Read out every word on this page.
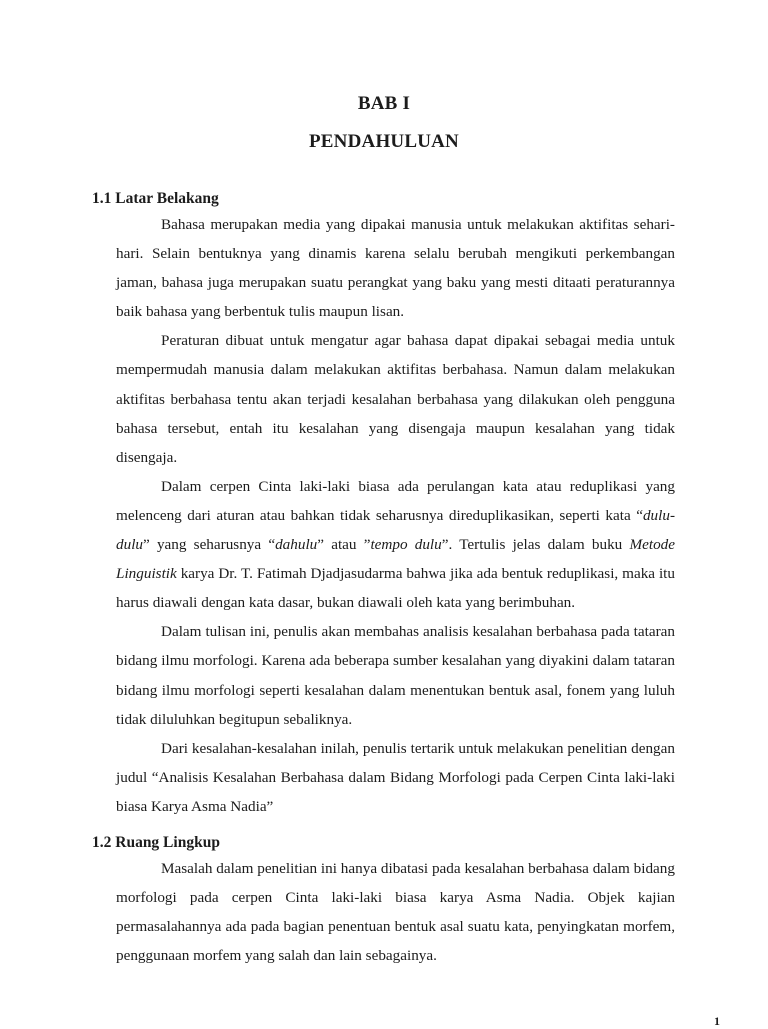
BAB I
PENDAHULUAN
1.1 Latar Belakang

Bahasa merupakan media yang dipakai manusia untuk melakukan aktifitas sehari-hari. Selain bentuknya yang dinamis karena selalu berubah mengikuti perkembangan jaman, bahasa juga merupakan suatu perangkat yang baku yang mesti ditaati peraturannya baik bahasa yang berbentuk tulis maupun lisan.

Peraturan dibuat untuk mengatur agar bahasa dapat dipakai sebagai media untuk mempermudah manusia dalam melakukan aktifitas berbahasa. Namun dalam melakukan aktifitas berbahasa tentu akan terjadi kesalahan berbahasa yang dilakukan oleh pengguna bahasa tersebut, entah itu kesalahan yang disengaja maupun kesalahan yang tidak disengaja.

Dalam cerpen Cinta laki-laki biasa ada perulangan kata atau reduplikasi yang melenceng dari aturan atau bahkan tidak seharusnya direduplikasikan, seperti kata “dulu-dulu” yang seharusnya “dahulu” atau ”tempo dulu”. Tertulis jelas dalam buku Metode Linguistik karya Dr. T. Fatimah Djadjasudarma bahwa jika ada bentuk reduplikasi, maka itu harus diawali dengan kata dasar, bukan diawali oleh kata yang berimbuhan.

Dalam tulisan ini, penulis akan membahas analisis kesalahan berbahasa pada tataran bidang ilmu morfologi. Karena ada beberapa sumber kesalahan yang diyakini dalam tataran bidang ilmu morfologi seperti kesalahan dalam menentukan bentuk asal, fonem yang luluh tidak diluluhkan begitupun sebaliknya.

Dari kesalahan-kesalahan inilah, penulis tertarik untuk melakukan penelitian dengan judul “Analisis Kesalahan Berbahasa dalam Bidang Morfologi pada Cerpen Cinta laki-laki biasa Karya Asma Nadia”

1.2 Ruang Lingkup

Masalah dalam penelitian ini hanya dibatasi pada kesalahan berbahasa dalam bidang morfologi pada cerpen Cinta laki-laki biasa karya Asma Nadia. Objek kajian permasalahannya ada pada bagian penentuan bentuk asal suatu kata, penyingkatan morfem, penggunaan morfem yang salah dan lain sebagainya.

1
